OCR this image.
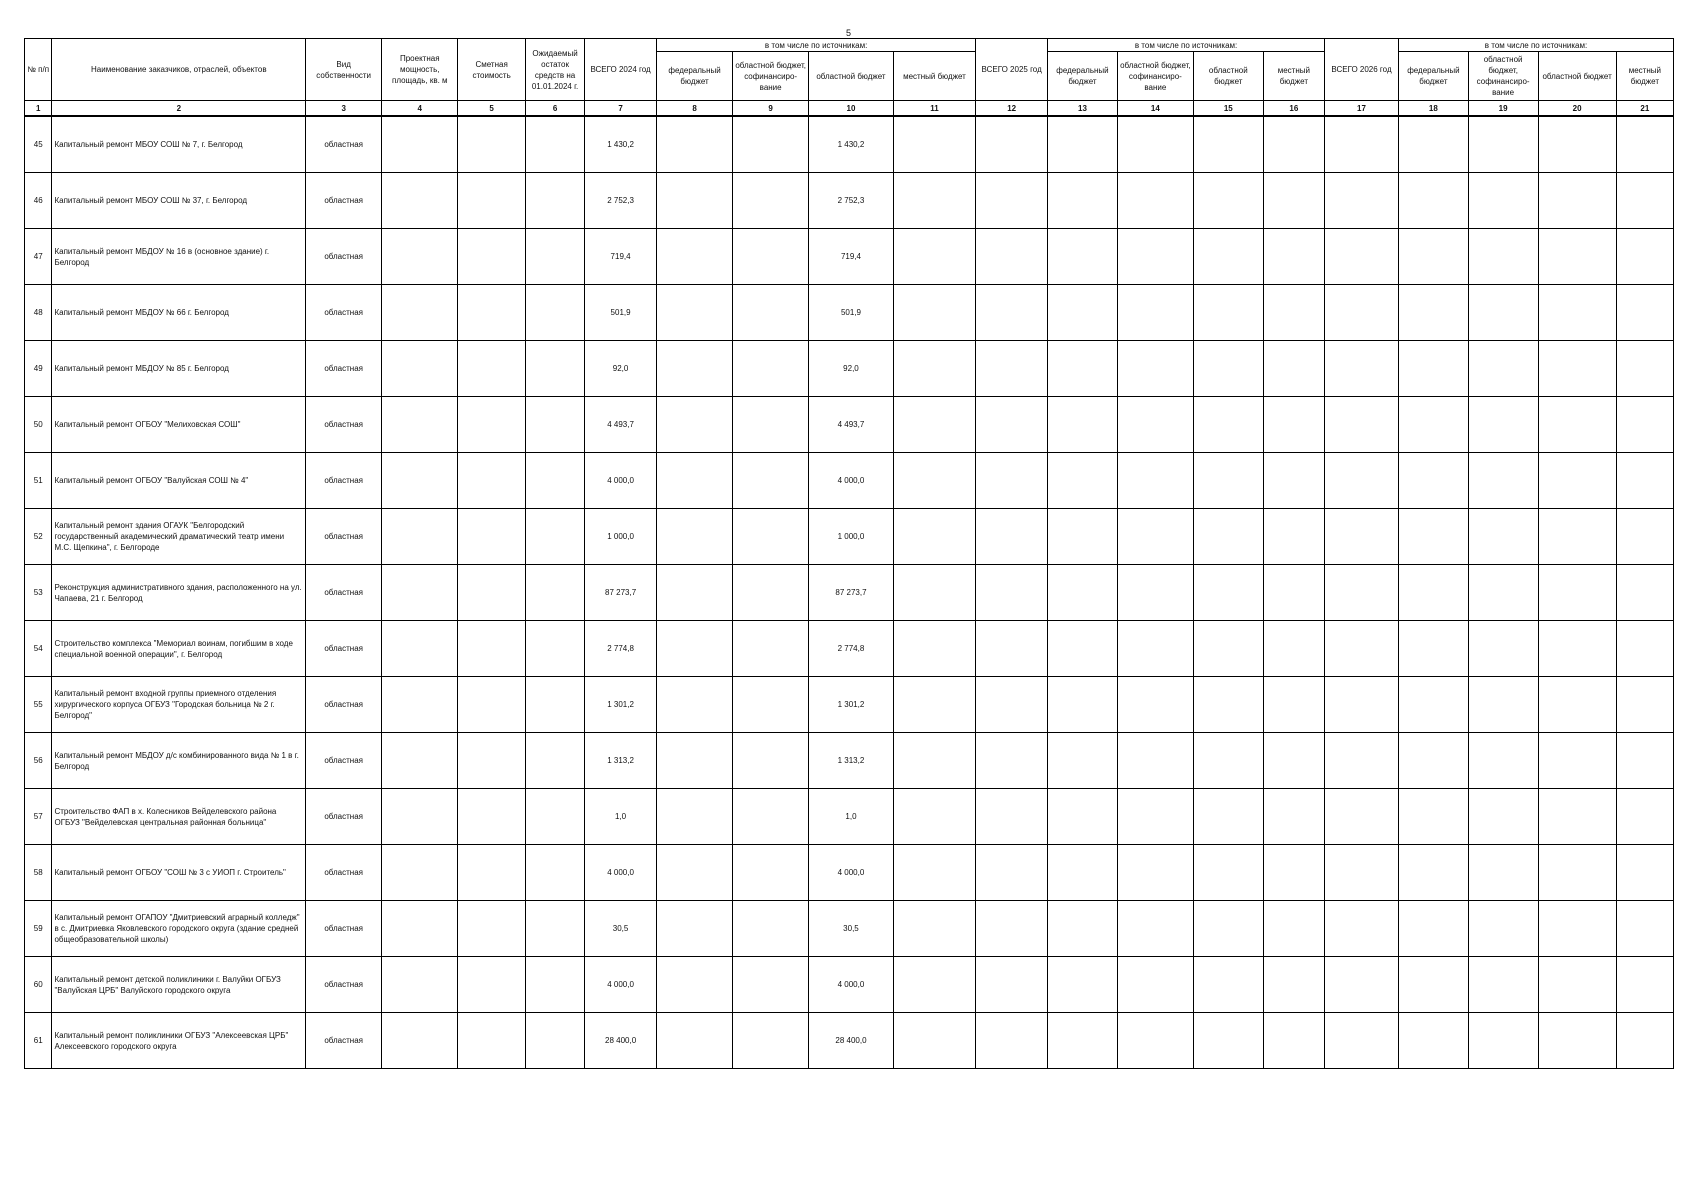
5
№ п/п	Наименование заказчиков, отраслей, объектов	Вид собственности	Проектная мощность, площадь, кв. м	Сметная стоимость	Ожидаемый остаток средств на 01.01.2024 г.	ВСЕГО 2024 год	в том числе по источникам:				ВСЕГО 2025 год	в том числе по источникам:				ВСЕГО 2026 год	в том числе по источникам:			
							федеральный бюджет	областной бюджет, софинансиро-вание	областной бюджет	местный бюджет		федеральный бюджет	областной бюджет, софинансиро-вание	областной бюджет	местный бюджет		федеральный бюджет	областной бюджет, софинансиро-вание	областной бюджет	местный бюджет
1	2	3	4	5	6	7	8	9	10	11	12	13	14	15	16	17	18	19	20	21
45	Капитальный ремонт МБОУ СОШ № 7, г. Белгород	областная				1 430,2			1 430,2											
46	Капитальный ремонт МБОУ СОШ № 37, г. Белгород	областная				2 752,3			2 752,3											
47	Капитальный ремонт МБДОУ № 16 в (основное здание) г. Белгород	областная				719,4			719,4											
48	Капитальный ремонт МБДОУ № 66 г. Белгород	областная				501,9			501,9											
49	Капитальный ремонт МБДОУ № 85 г. Белгород	областная				92,0			92,0											
50	Капитальный ремонт ОГБОУ "Мелиховская СОШ"	областная				4 493,7			4 493,7											
51	Капитальный ремонт ОГБОУ "Валуйская СОШ № 4"	областная				4 000,0			4 000,0											
52	Капитальный ремонт здания ОГАУК "Белгородский государственный академический драматический театр имени М.С. Щепкина", г. Белгороде	областная				1 000,0			1 000,0											
53	Реконструкция административного здания, расположенного на ул. Чапаева, 21 г. Белгород	областная				87 273,7			87 273,7											
54	Строительство комплекса "Мемориал воинам, погибшим в ходе специальной военной операции", г. Белгород	областная				2 774,8			2 774,8											
55	Капитальный ремонт входной группы приемного отделения хирургического корпуса ОГБУЗ "Городская больница № 2 г. Белгород"	областная				1 301,2			1 301,2											
56	Капитальный ремонт МБДОУ д/с комбинированного вида № 1 в г. Белгород	областная				1 313,2			1 313,2											
57	Строительство ФАП в х. Колесников Вейделевского района ОГБУЗ "Вейделевская центральная районная больница"	областная				1,0			1,0											
58	Капитальный ремонт ОГБОУ "СОШ № 3 с УИОП г. Строитель"	областная				4 000,0			4 000,0											
59	Капитальный ремонт ОГАПОУ "Дмитриевский аграрный колледж" в с. Дмитриевка Яковлевского городского округа (здание средней общеобразовательной школы)	областная				30,5			30,5											
60	Капитальный ремонт детской поликлиники г. Валуйки ОГБУЗ "Валуйская ЦРБ" Валуйского городского округа	областная				4 000,0			4 000,0											
61	Капитальный ремонт поликлиники ОГБУЗ "Алексеевская ЦРБ" Алексеевского городского округа	областная				28 400,0			28 400,0											
